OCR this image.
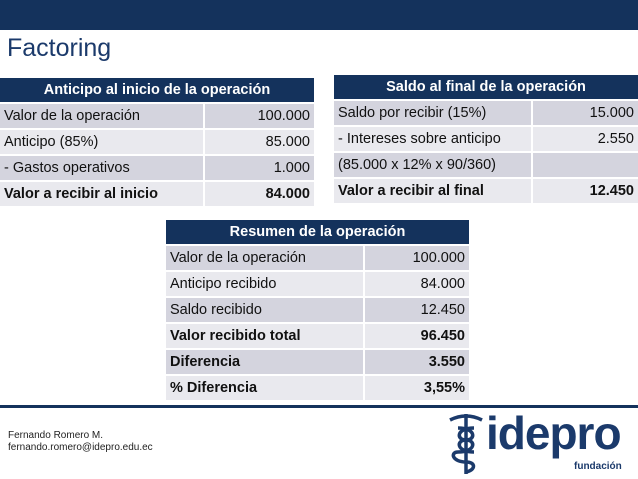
Factoring
Anticipo al inicio de la operación	
Valor de la operación	100.000
Anticipo (85%)	85.000
- Gastos operativos	1.000
Valor a recibir al inicio	84.000
Saldo al final de la operación	
Saldo por recibir (15%)	15.000
- Intereses sobre anticipo	2.550
(85.000 x 12% x 90/360)	
Valor a recibir al final	12.450
Resumen de la operación	
Valor de la operación	100.000
Anticipo recibido	84.000
Saldo recibido	12.450
Valor recibido total	96.450
Diferencia	3.550
% Diferencia	3,55%
Fernando Romero M.
fernando.romero@idepro.edu.ec	idepro
fundación
